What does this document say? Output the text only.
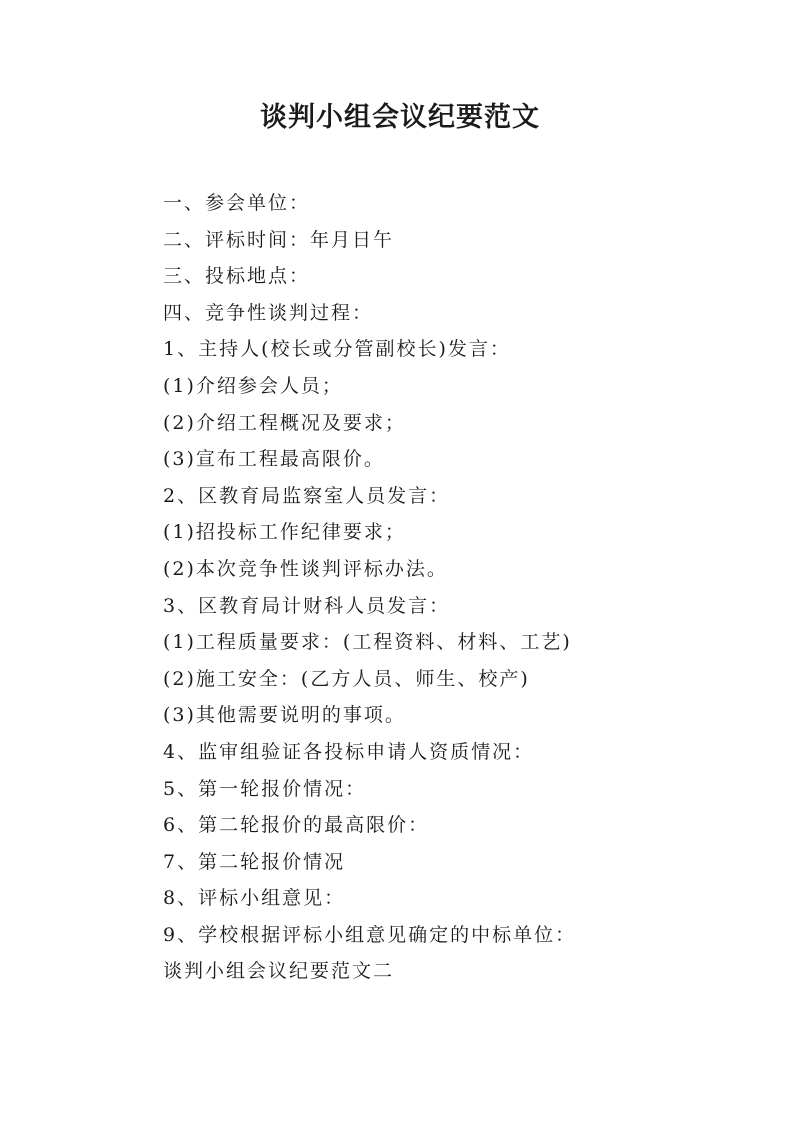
谈判小组会议纪要范文
一、参会单位：
二、评标时间：年月日午
三、投标地点：
四、竞争性谈判过程：
1、主持人(校长或分管副校长)发言：
(1)介绍参会人员；
(2)介绍工程概况及要求；
(3)宣布工程最高限价。
2、区教育局监察室人员发言：
(1)招投标工作纪律要求；
(2)本次竞争性谈判评标办法。
3、区教育局计财科人员发言：
(1)工程质量要求：(工程资料、材料、工艺)
(2)施工安全：(乙方人员、师生、校产)
(3)其他需要说明的事项。
4、监审组验证各投标申请人资质情况：
5、第一轮报价情况：
6、第二轮报价的最高限价：
7、第二轮报价情况
8、评标小组意见：
9、学校根据评标小组意见确定的中标单位：
谈判小组会议纪要范文二
